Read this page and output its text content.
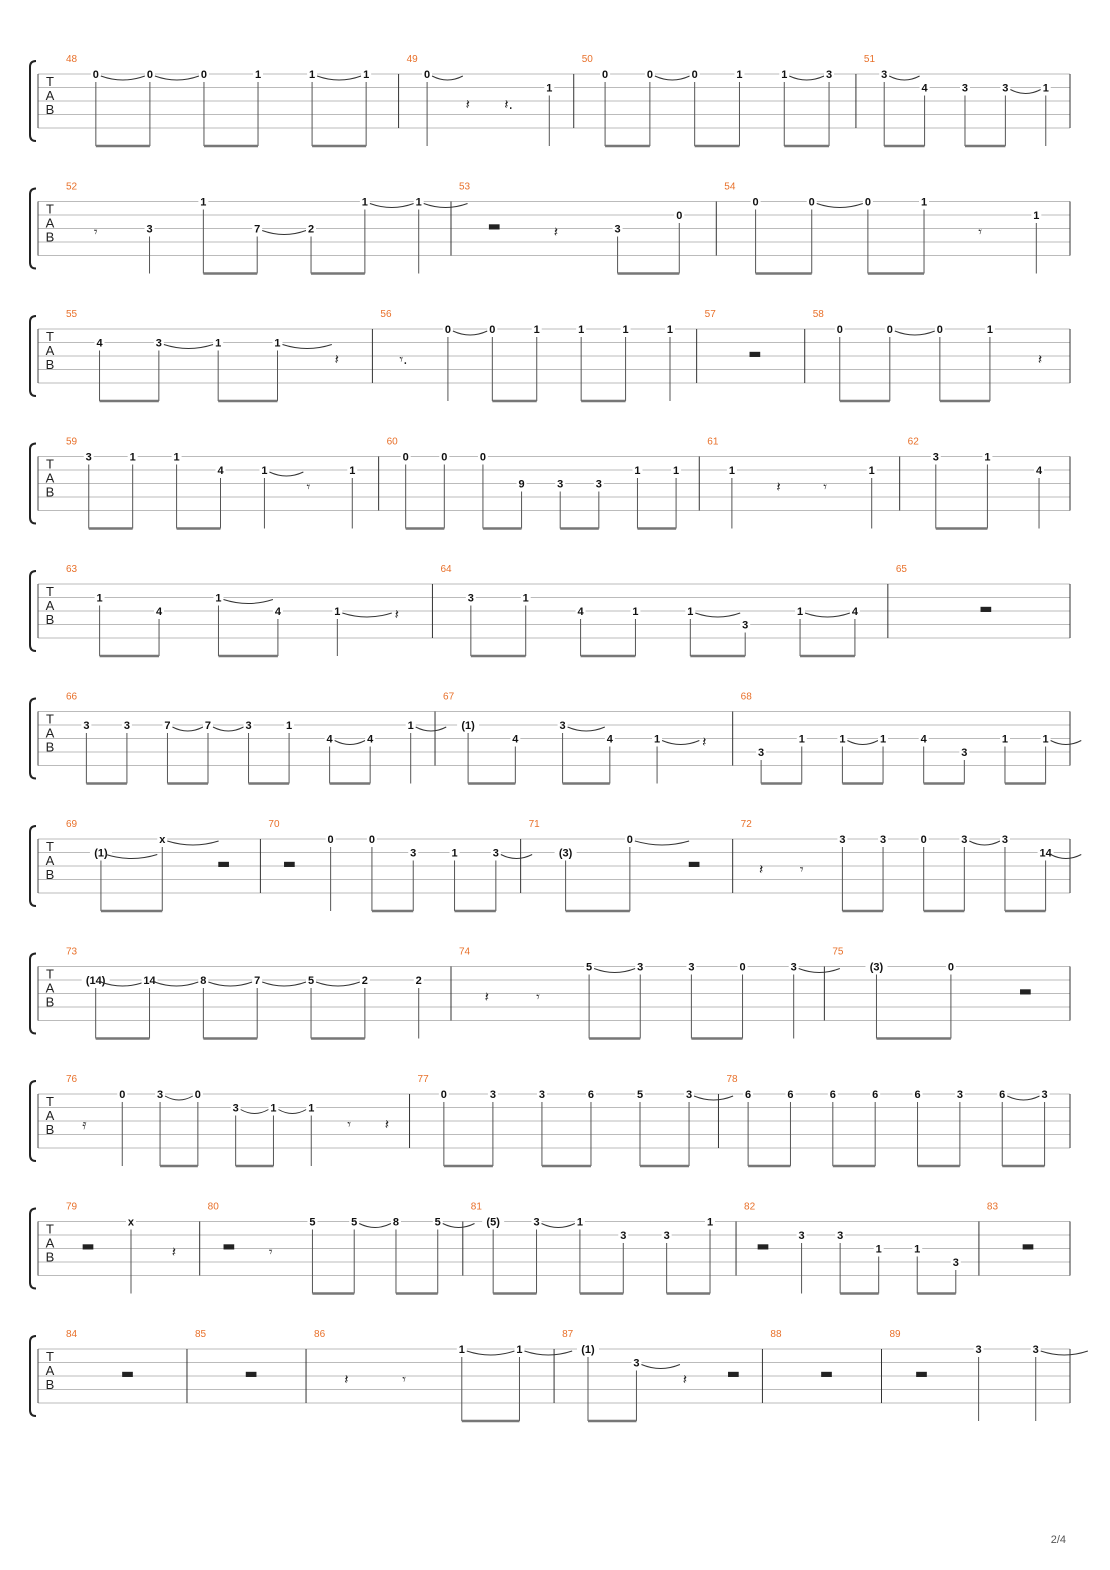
T
A
B
48
0	0	0	1	1	1
49
0
𝄽 𝄽.
1
50
0	0	0	1	1	3
51
3
4	3	3	1
T
A
B
52
𝄾	3
1
7	2
1	1
53
▬	𝄽	3
0
54
0	0	0	1
𝄾
1
T
A
B
55
4	3	1	1
𝄽
56
𝄾.
0	0	1	1	1	1
57
▬
58
0	0	0	1
𝄽
T
A
B
59
3	1	1
4	1
𝄾
1
60
0	0	0
9	3	3
1	1
61
1
𝄽	𝄾
1
62
3	1
4
T
A
B
63
1
4
1
4	1	𝄽
64
3	1
4	1	1
3
1	4
65
▬
T
A
B
66
3	3	7	7	3	1
4	4
1
67
(1)
4
3
4	1	𝄽
68
3
1	1	1	4
3
1	1
T
A
B
69
(1)
x
▬
70
▬
0	0
3	1	3
71
(3)
0
▬
72
𝄽	𝄾
3	3	0	3	3
14
T
A
B
73
(14)	14	8	7	5	2	2
74
𝄽	𝄾
5	3	3	0	3
75
(3)	0
▬
T
A
B
76
𝄿
0	3	0
3	1	1
𝄾 𝄽
77
0	3	3	6	5	3
78
6	6	6	6	6	3	6	3
T
A
B
79
▬
x
𝄽
80
▬ 𝄾
5	5	8	5
81
(5)	3	1
3	3
1
82
▬
3	3
1	1
3
83
▬
T
A
B
84
▬
85
▬
86
𝄽	𝄾
1	1
87
(1)
3
𝄽	▬
88
▬
89
▬
3	3
2/4
